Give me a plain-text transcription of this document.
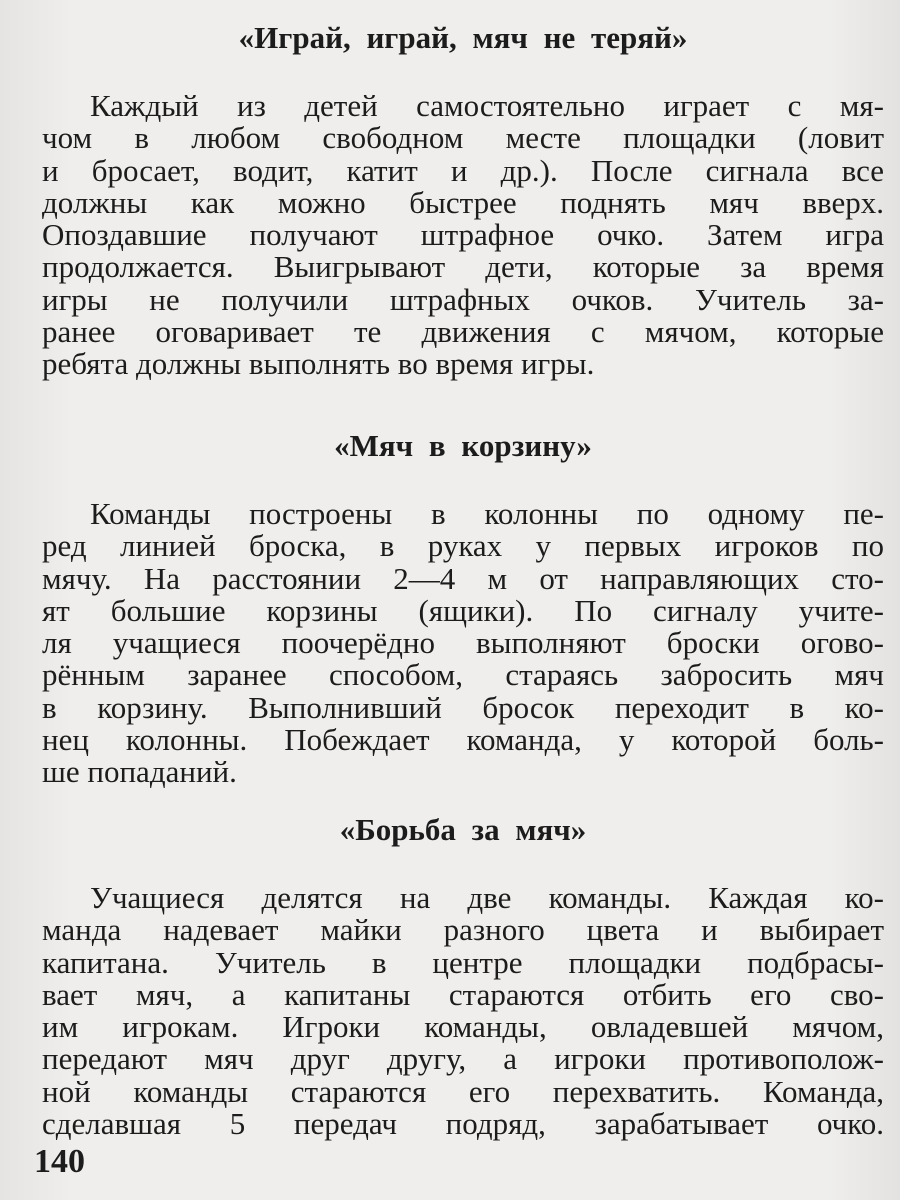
«Играй, играй, мяч не теряй»
Каждый из детей самостоятельно играет с мя-
чом в любом свободном месте площадки (ловит
и бросает, водит, катит и др.). После сигнала все
должны как можно быстрее поднять мяч вверх.
Опоздавшие получают штрафное очко. Затем игра
продолжается. Выигрывают дети, которые за время
игры не получили штрафных очков. Учитель за-
ранее оговаривает те движения с мячом, которые
ребята должны выполнять во время игры.
«Мяч в корзину»
Команды построены в колонны по одному пе-
ред линией броска, в руках у первых игроков по
мячу. На расстоянии 2—4 м от направляющих сто-
ят большие корзины (ящики). По сигналу учите-
ля учащиеся поочерёдно выполняют броски огово-
рённым заранее способом, стараясь забросить мяч
в корзину. Выполнивший бросок переходит в ко-
нец колонны. Побеждает команда, у которой боль-
ше попаданий.
«Борьба за мяч»
Учащиеся делятся на две команды. Каждая ко-
манда надевает майки разного цвета и выбирает
капитана. Учитель в центре площадки подбрасы-
вает мяч, а капитаны стараются отбить его сво-
им игрокам. Игроки команды, овладевшей мячом,
передают мяч друг другу, а игроки противополож-
ной команды стараются его перехватить. Команда,
сделавшая 5 передач подряд, зарабатывает очко.
140
